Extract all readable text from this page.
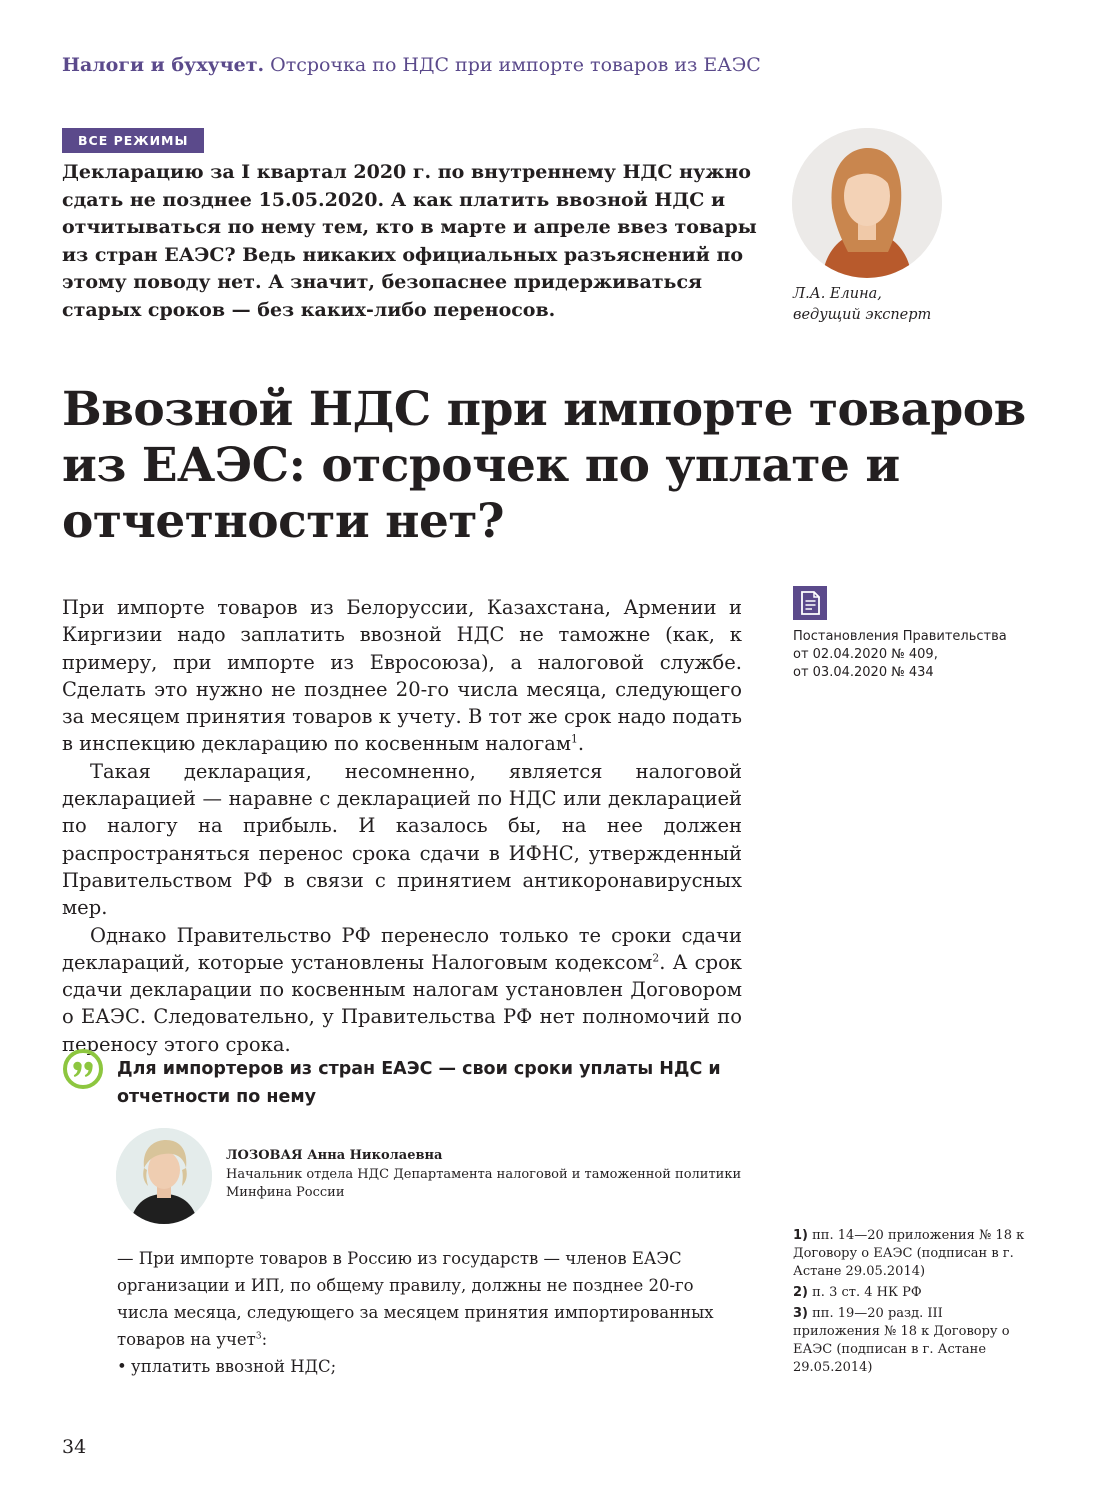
Налоги и бухучет. Отсрочка по НДС при импорте товаров из ЕАЭС
ВСЕ РЕЖИМЫ
Декларацию за I квартал 2020 г. по внутреннему НДС нужно сдать не позднее 15.05.2020. А как платить ввозной НДС и отчитываться по нему тем, кто в марте и апреле ввез товары из стран ЕАЭС? Ведь никаких официальных разъяснений по этому поводу нет. А значит, безопаснее придерживаться старых сроков — без каких-либо переносов.
Л.А. Елина,
ведущий эксперт
Ввозной НДС при импорте товаров из ЕАЭС: отсрочек по уплате и отчетности нет?

При импорте товаров из Белоруссии, Казахстана, Армении и Киргизии надо заплатить ввозной НДС не таможне (как, к примеру, при импорте из Евросоюза), а налоговой службе. Сделать это нужно не позднее 20-го числа месяца, следующего за месяцем принятия товаров к учету. В тот же срок надо подать в инспекцию декларацию по косвенным налогам$^1$.

Такая декларация, несомненно, является налоговой декларацией — наравне с декларацией по НДС или декларацией по налогу на прибыль. И казалось бы, на нее должен распространяться перенос срока сдачи в ИФНС, утвержденный Правительством РФ в связи с принятием антикоронавирусных мер.

Однако Правительство РФ перенесло только те сроки сдачи деклараций, которые установлены Налоговым кодексом$^2$. А срок сдачи декларации по косвенным налогам установлен Договором о ЕАЭС. Следовательно, у Правительства РФ нет полномочий по переносу этого срока.

Постановления Правительства
от 02.04.2020 № 409,
от 03.04.2020 № 434
Для импортеров из стран ЕАЭС — свои сроки уплаты НДС и отчетности по нему
ЛОЗОВАЯ Анна Николаевна
Начальник отдела НДС Департамента налоговой и таможенной политики Минфина России

— При импорте товаров в Россию из государств — членов ЕАЭС организации и ИП, по общему правилу, должны не позднее 20-го числа месяца, следующего за месяцем принятия импортированных товаров на учет$^3$:

• уплатить ввозной НДС;
1) пп. 14—20 приложения № 18 к Договору о ЕАЭС (подписан в г. Астане 29.05.2014)
2) п. 3 ст. 4 НК РФ
3) пп. 19—20 разд. III приложения № 18 к Договору о ЕАЭС (подписан в г. Астане 29.05.2014)
34
